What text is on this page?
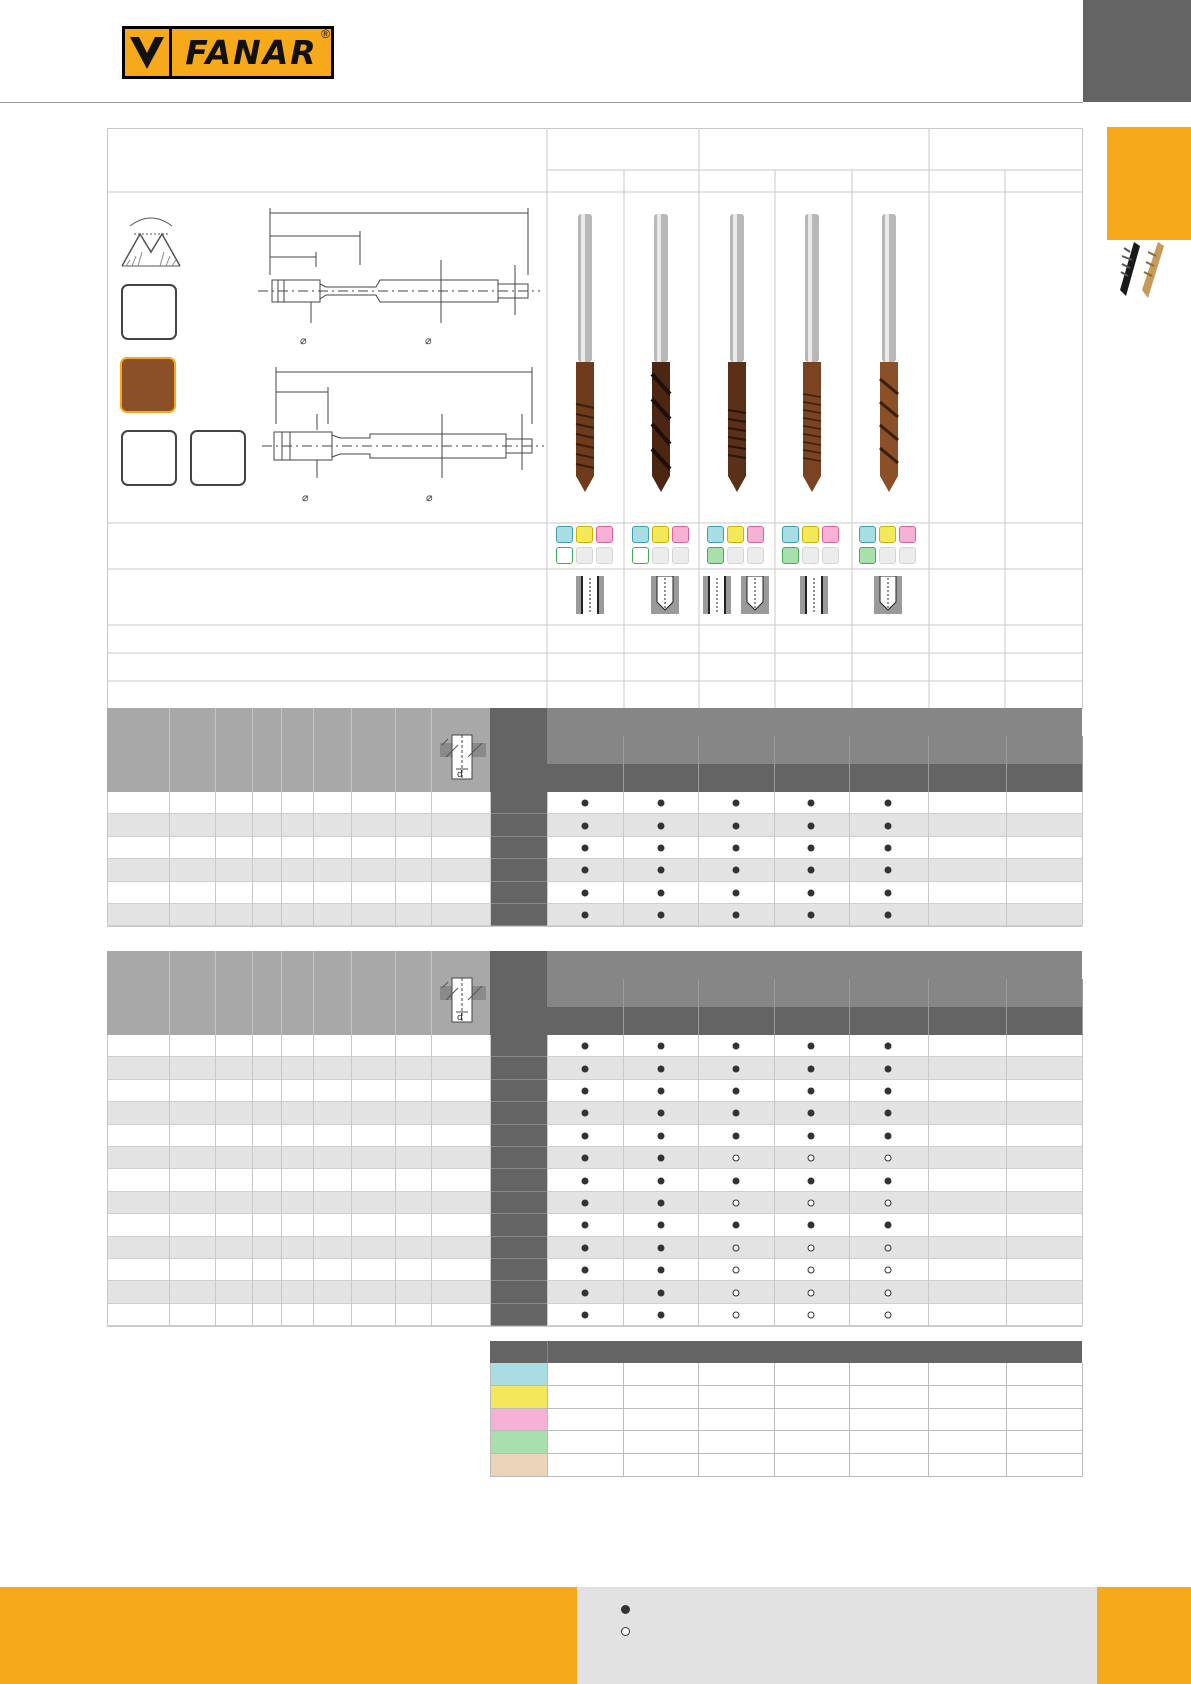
FANAR ®
⌀	⌀
⌀	⌀
d
d
